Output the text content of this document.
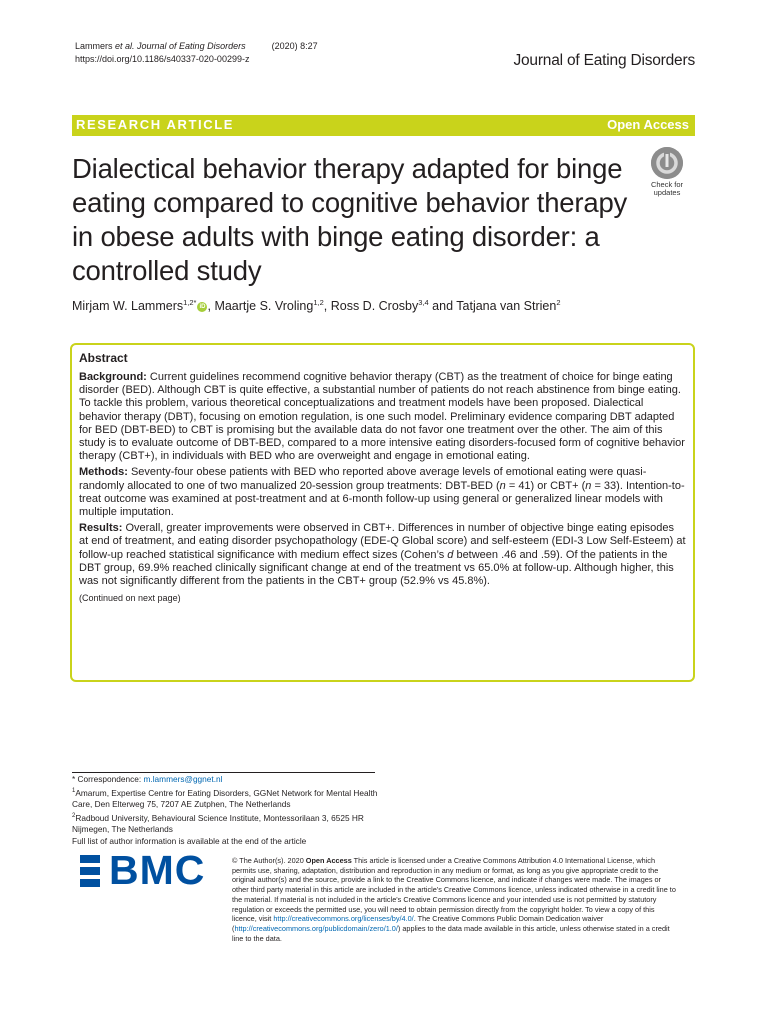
Lammers et al. Journal of Eating Disorders	(2020) 8:27
https://doi.org/10.1186/s40337-020-00299-z	Journal of Eating Disorders
RESEARCH ARTICLE	Open Access
Dialectical behavior therapy adapted for binge eating compared to cognitive behavior therapy in obese adults with binge eating disorder: a controlled study
Check for
updates
Mirjam W. Lammers$^{1,2*}$ iD , Maartje S. Vroling$^{1,2}$, Ross D. Crosby$^{3,4}$ and Tatjana van Strien$^2$
Abstract

Background: Current guidelines recommend cognitive behavior therapy (CBT) as the treatment of choice for binge eating disorder (BED). Although CBT is quite effective, a substantial number of patients do not reach abstinence from binge eating. To tackle this problem, various theoretical conceptualizations and treatment models have been proposed. Dialectical behavior therapy (DBT), focusing on emotion regulation, is one such model. Preliminary evidence comparing DBT adapted for BED (DBT-BED) to CBT is promising but the available data do not favor one treatment over the other. The aim of this study is to evaluate outcome of DBT-BED, compared to a more intensive eating disorders-focused form of cognitive behavior therapy (CBT+), in individuals with BED who are overweight and engage in emotional eating.

Methods: Seventy-four obese patients with BED who reported above average levels of emotional eating were quasi-randomly allocated to one of two manualized 20-session group treatments: DBT-BED (n = 41) or CBT+ (n = 33). Intention-to-treat outcome was examined at post-treatment and at 6-month follow-up using general or generalized linear models with multiple imputation.

Results: Overall, greater improvements were observed in CBT+. Differences in number of objective binge eating episodes at end of treatment, and eating disorder psychopathology (EDE-Q Global score) and self-esteem (EDI-3 Low Self-Esteem) at follow-up reached statistical significance with medium effect sizes (Cohen’s d between .46 and .59). Of the patients in the DBT group, 69.9% reached clinically significant change at end of the treatment vs 65.0% at follow-up. Although higher, this was not significantly different from the patients in the CBT+ group (52.9% vs 45.8%).

(Continued on next page)

* Correspondence: m.lammers@ggnet.nl
$^1$Amarum, Expertise Centre for Eating Disorders, GGNet Network for Mental Health Care, Den Elterweg 75, 7207 AE Zutphen, The Netherlands
$^2$Radboud University, Behavioural Science Institute, Montessorilaan 3, 6525 HR Nijmegen, The Netherlands
Full list of author information is available at the end of the article
BMC	© The Author(s). 2020 Open Access This article is licensed under a Creative Commons Attribution 4.0 International License, which permits use, sharing, adaptation, distribution and reproduction in any medium or format, as long as you give appropriate credit to the original author(s) and the source, provide a link to the Creative Commons licence, and indicate if changes were made. The images or other third party material in this article are included in the article's Creative Commons licence, unless indicated otherwise in a credit line to the material. If material is not included in the article's Creative Commons licence and your intended use is not permitted by statutory regulation or exceeds the permitted use, you will need to obtain permission directly from the copyright holder. To view a copy of this licence, visit http://creativecommons.org/licenses/by/4.0/. The Creative Commons Public Domain Dedication waiver (http://creativecommons.org/publicdomain/zero/1.0/) applies to the data made available in this article, unless otherwise stated in a credit line to the data.
